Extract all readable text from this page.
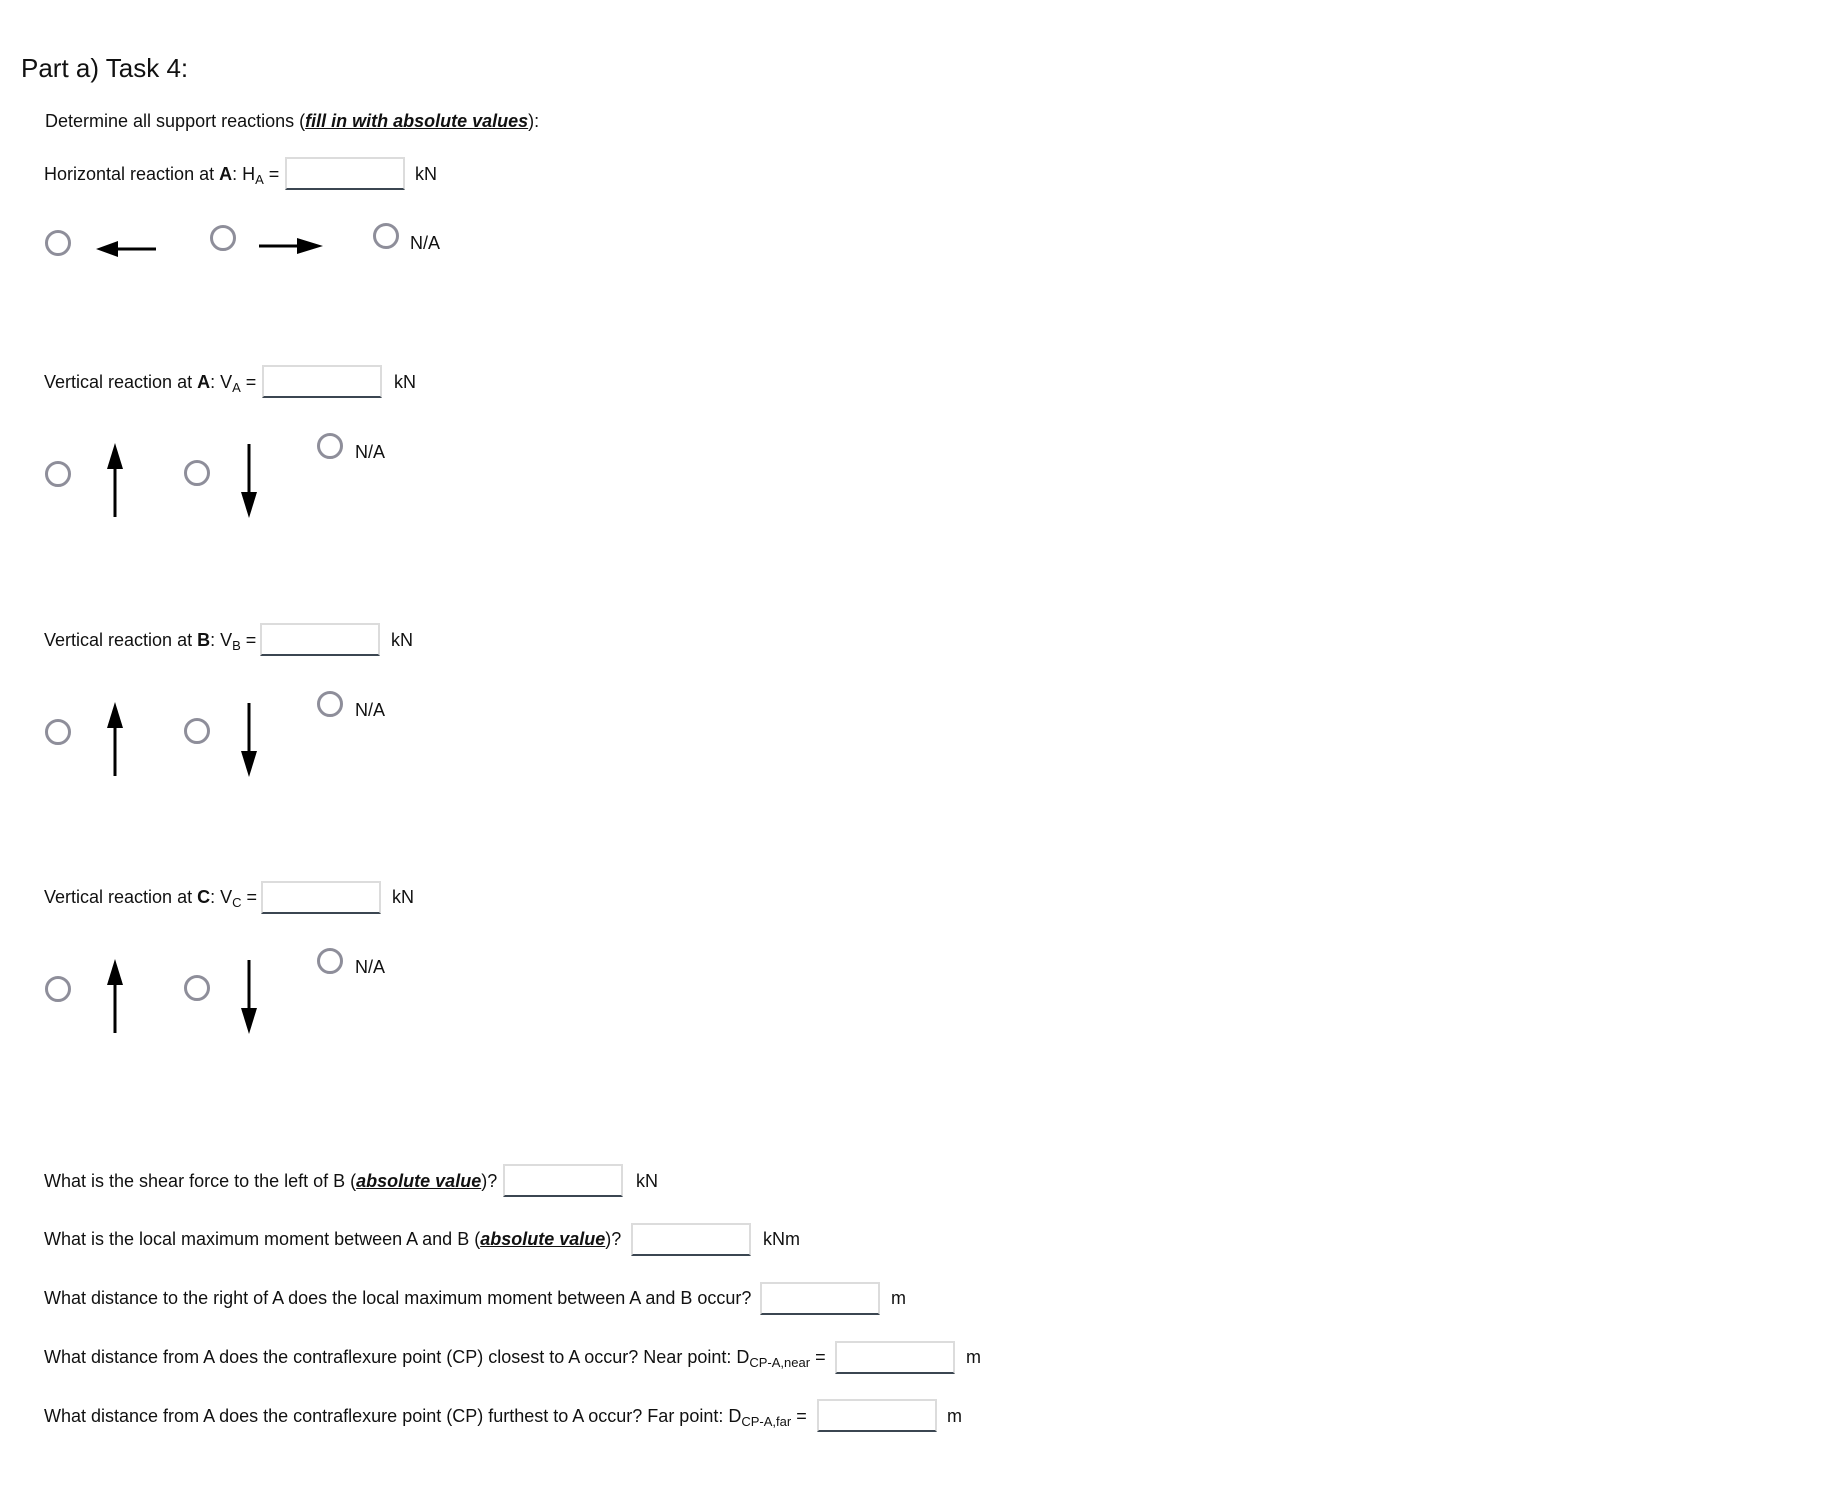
Part a) Task 4:
Determine all support reactions (fill in with absolute values):
Horizontal reaction at A: $H_A$ =	kN
N/A
Vertical reaction at A: $V_A$ =	kN
N/A
Vertical reaction at B: $V_B$ =	kN
N/A
Vertical reaction at C: $V_C$ =	kN
N/A
What is the shear force to the left of B (absolute value)?	kN
What is the local maximum moment between A and B (absolute value)?	kNm
What distance to the right of A does the local maximum moment between A and B occur?	m
What distance from A does the contraflexure point (CP) closest to A occur? Near point: $D_{CP-A,near}$ =	m
What distance from A does the contraflexure point (CP) furthest to A occur? Far point: $D_{CP-A,far}$ =	m
